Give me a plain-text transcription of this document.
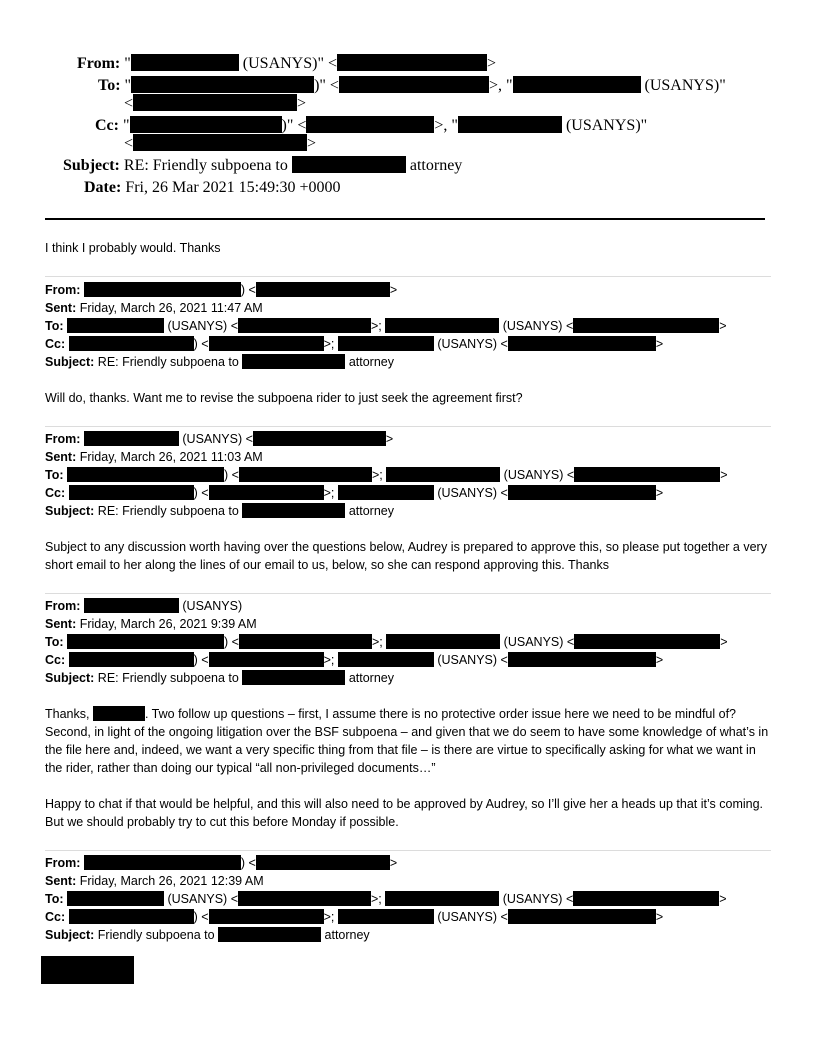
From: "	(USANYS)" <	>
To: "	)" <	>, "	(USANYS)"
<	>
Cc: "	)" <	>, "	(USANYS)"
<	>
Subject: RE: Friendly subpoena to	attorney
Date: Fri, 26 Mar 2021 15:49:30 +0000
I think I probably would. Thanks
From:	) <	>
Sent: Friday, March 26, 2021 11:47 AM
To:	(USANYS) <	>;	(USANYS) <	>
Cc:	) <	>;	(USANYS) <	>
Subject: RE: Friendly subpoena to	attorney
Will do, thanks. Want me to revise the subpoena rider to just seek the agreement first?
From:	(USANYS) <	>
Sent: Friday, March 26, 2021 11:03 AM
To:	) <	>;	(USANYS) <	>
Cc:	) <	>;	(USANYS) <	>
Subject: RE: Friendly subpoena to	attorney
Subject to any discussion worth having over the questions below, Audrey is prepared to approve this, so please put together a very short email to her along the lines of our email to us, below, so she can respond approving this. Thanks
From:	(USANYS)
Sent: Friday, March 26, 2021 9:39 AM
To:	) <	>;	(USANYS) <	>
Cc:	) <	>;	(USANYS) <	>
Subject: RE: Friendly subpoena to	attorney
Thanks,	. Two follow up questions – first, I assume there is no protective order issue here we need to be mindful of? Second, in light of the ongoing litigation over the BSF subpoena – and given that we do seem to have some knowledge of what’s in the file here and, indeed, we want a very specific thing from that file – is there are virtue to specifically asking for what we want in the rider, rather than doing our typical “all non-privileged documents…”
Happy to chat if that would be helpful, and this will also need to be approved by Audrey, so I’ll give her a heads up that it’s coming. But we should probably try to cut this before Monday if possible.
From:	) <	>
Sent: Friday, March 26, 2021 12:39 AM
To:	(USANYS) <	>;	(USANYS) <	>
Cc:	) <	>;	(USANYS) <	>
Subject: Friendly subpoena to	attorney
